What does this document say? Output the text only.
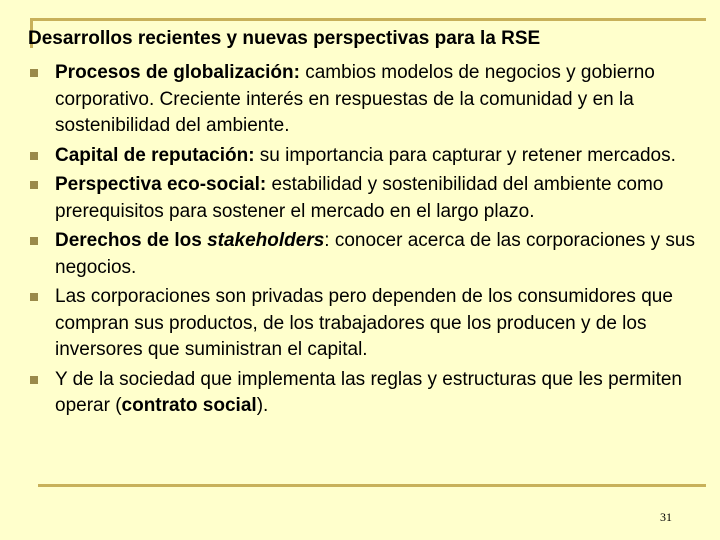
Desarrollos recientes y nuevas perspectivas para la RSE
Procesos de globalización: cambios modelos de negocios y gobierno corporativo. Creciente interés en respuestas de la comunidad y en la sostenibilidad del ambiente.
Capital de reputación: su importancia para capturar y retener mercados.
Perspectiva eco-social: estabilidad y sostenibilidad del ambiente como prerequisitos para sostener el mercado en el largo plazo.
Derechos de los stakeholders: conocer acerca de las corporaciones y sus negocios.
Las corporaciones son privadas pero dependen de los consumidores que compran sus productos, de los trabajadores que los producen y de los inversores que suministran el capital.
Y de la sociedad que implementa las reglas y estructuras que les permiten operar (contrato social).
31
